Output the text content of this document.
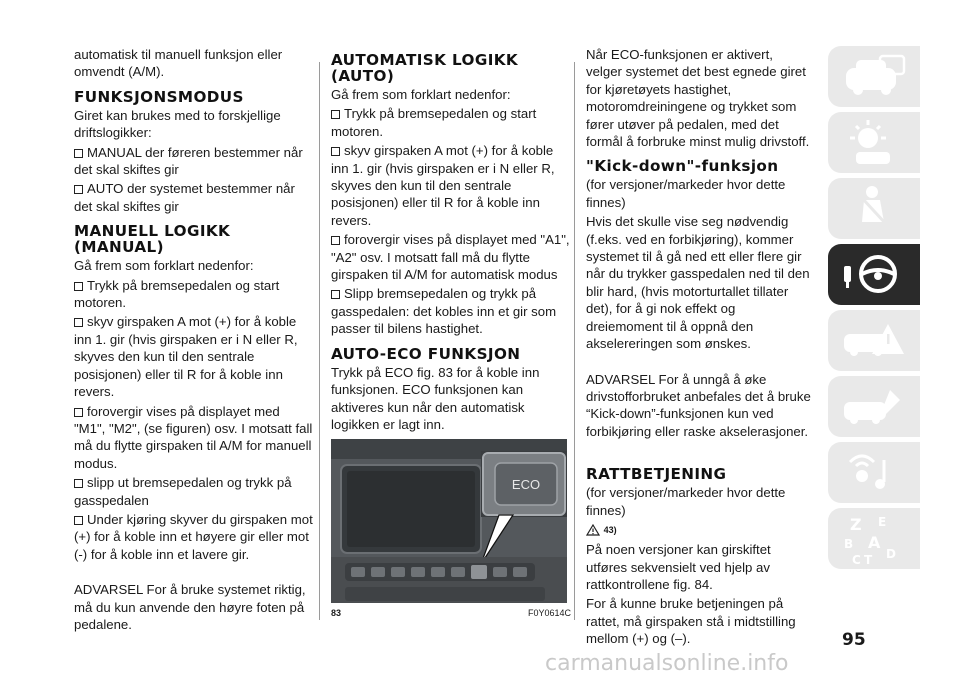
automatisk til manuell funksjon eller omvendt (A/M).

FUNKSJONSMODUS

Giret kan brukes med to forskjellige driftslogikker:

MANUAL der føreren bestemmer når det skal skiftes gir

AUTO der systemet bestemmer når det skal skiftes gir

MANUELL LOGIKK (MANUAL)

Gå frem som forklart nedenfor:

Trykk på bremsepedalen og start motoren.

skyv girspaken A mot (+) for å koble inn 1. gir (hvis girspaken er i N eller R, skyves den kun til den sentrale posisjonen) eller til R for å koble inn revers.

forovergir vises på displayet med "M1", "M2", (se figuren) osv. I motsatt fall må du flytte girspaken til A/M for manuell modus.

slipp ut bremsepedalen og trykk på gasspedalen

Under kjøring skyver du girspaken mot (+) for å koble inn et høyere gir eller mot (-) for å koble inn et lavere gir.

ADVARSEL For å bruke systemet riktig, må du kun anvende den høyre foten på pedalene.

AUTOMATISK LOGIKK (AUTO)

Gå frem som forklart nedenfor:

Trykk på bremsepedalen og start motoren.

skyv girspaken A mot (+) for å koble inn 1. gir (hvis girspaken er i N eller R, skyves den kun til den sentrale posisjonen) eller til R for å koble inn revers.

forovergir vises på displayet med "A1", "A2" osv. I motsatt fall må du flytte girspaken til A/M for automatisk modus

Slipp bremsepedalen og trykk på gasspedalen: det kobles inn et gir som passer til bilens hastighet.

AUTO-ECO FUNKSJON

Trykk på ECO fig. 83 for å koble inn funksjonen. ECO funksjonen kan aktiveres kun når den automatisk logikken er lagt inn.

ECO
83	F0Y0614C

Når ECO-funksjonen er aktivert, velger systemet det best egnede giret for kjøretøyets hastighet, motoromdreiningene og trykket som fører utøver på pedalen, med det formål å forbruke minst mulig drivstoff.

"Kick-down"-funksjon

(for versjoner/markeder hvor dette finnes)

Hvis det skulle vise seg nødvendig (f.eks. ved en forbikjøring), kommer systemet til å gå ned ett eller flere gir når du trykker gasspedalen ned til den blir hard, (hvis motorturtallet tillater det), for å gi nok effekt og dreiemoment til å oppnå den akselereringen som ønskes.

ADVARSEL For å unngå å øke drivstofforbruket anbefales det å bruke “Kick-down”-funksjonen kun ved forbikjøring eller raske akselerasjoner.

RATTBETJENING

(for versjoner/markeder hvor dette finnes)

43)

På noen versjoner kan girskiftet utføres sekvensielt ved hjelp av rattkontrollene fig. 84.

For å kunne bruke betjeningen på rattet, må girspaken stå i midtstilling mellom (+) og (–).

Z E
B A
C T D
95
carmanualsonline.info
